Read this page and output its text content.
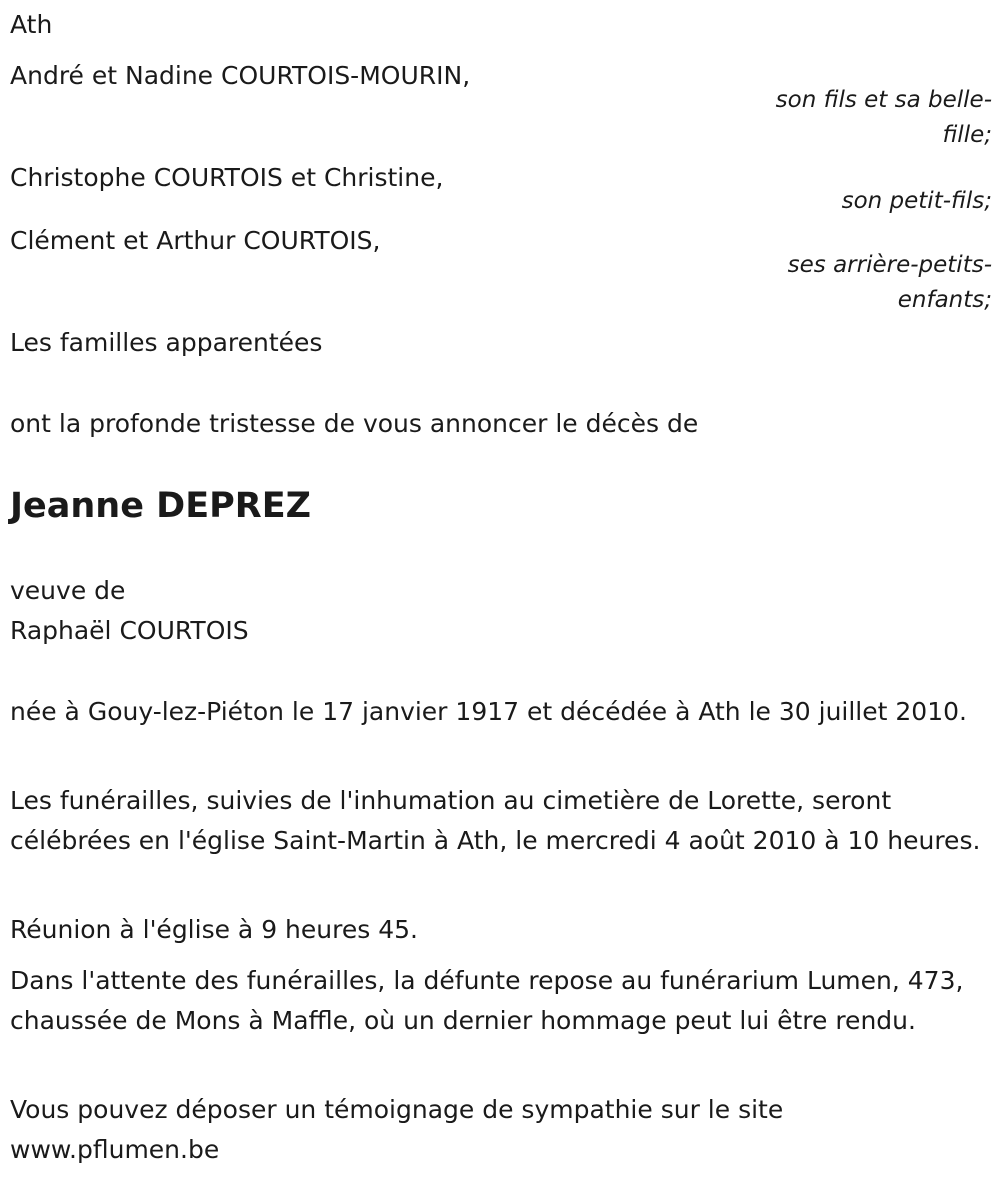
Ath
André et Nadine COURTOIS-MOURIN,
son fils et sa belle-fille;
Christophe COURTOIS et Christine,
son petit-fils;
Clément et Arthur COURTOIS,
ses arrière-petits-enfants;
Les familles apparentées
ont la profonde tristesse de vous annoncer le décès de
Jeanne DEPREZ
veuve de
Raphaël COURTOIS
née à Gouy-lez-Piéton le 17 janvier 1917 et décédée à Ath le 30 juillet 2010.
Les funérailles, suivies de l'inhumation au cimetière de Lorette, seront célébrées en l'église Saint-Martin à Ath, le mercredi 4 août 2010 à 10 heures.
Réunion à l'église à 9 heures 45.
Dans l'attente des funérailles, la défunte repose au funérarium Lumen, 473, chaussée de Mons à Maffle, où un dernier hommage peut lui être rendu.
Vous pouvez déposer un témoignage de sympathie sur le site www.pflumen.be
